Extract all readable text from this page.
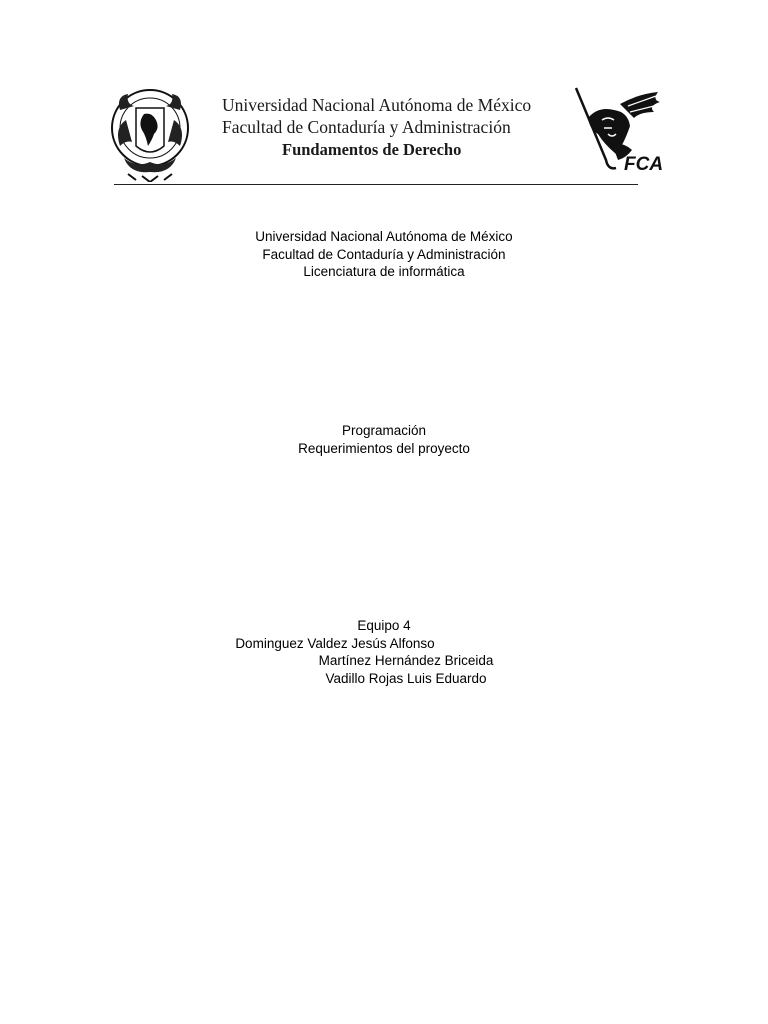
Universidad Nacional Autónoma de México
Facultad de Contaduría y Administración
Fundamentos de Derecho
FCA
Universidad Nacional Autónoma de México
Facultad de Contaduría y Administración
Licenciatura de informática
Programación
Requerimientos del proyecto
Equipo 4
Dominguez Valdez Jesús Alfonso
Martínez Hernández Briceida
Vadillo Rojas Luis Eduardo
